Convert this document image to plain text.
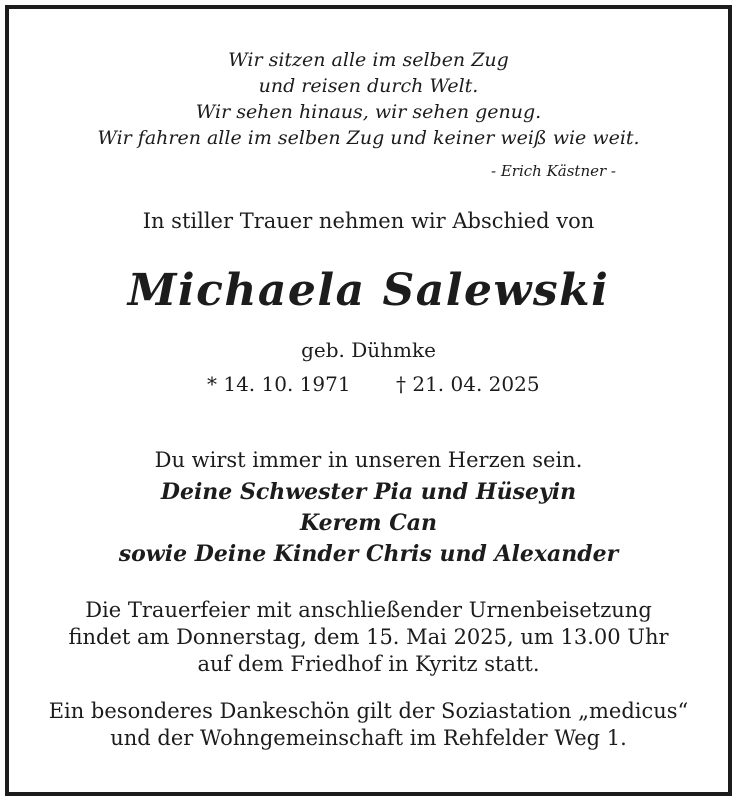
Wir sitzen alle im selben Zug
und reisen durch Welt.
Wir sehen hinaus, wir sehen genug.
Wir fahren alle im selben Zug und keiner weiß wie weit.
- Erich Kästner -
In stiller Trauer nehmen wir Abschied von
Michaela Salewski
geb. Dühmke
* 14. 10. 1971 † 21. 04. 2025
Du wirst immer in unseren Herzen sein.
Deine Schwester Pia und Hüseyin
Kerem Can
sowie Deine Kinder Chris und Alexander
Die Trauerfeier mit anschließender Urnenbeisetzung
findet am Donnerstag, dem 15. Mai 2025, um 13.00 Uhr
auf dem Friedhof in Kyritz statt.
Ein besonderes Dankeschön gilt der Soziastation „medicus“
und der Wohngemeinschaft im Rehfelder Weg 1.
